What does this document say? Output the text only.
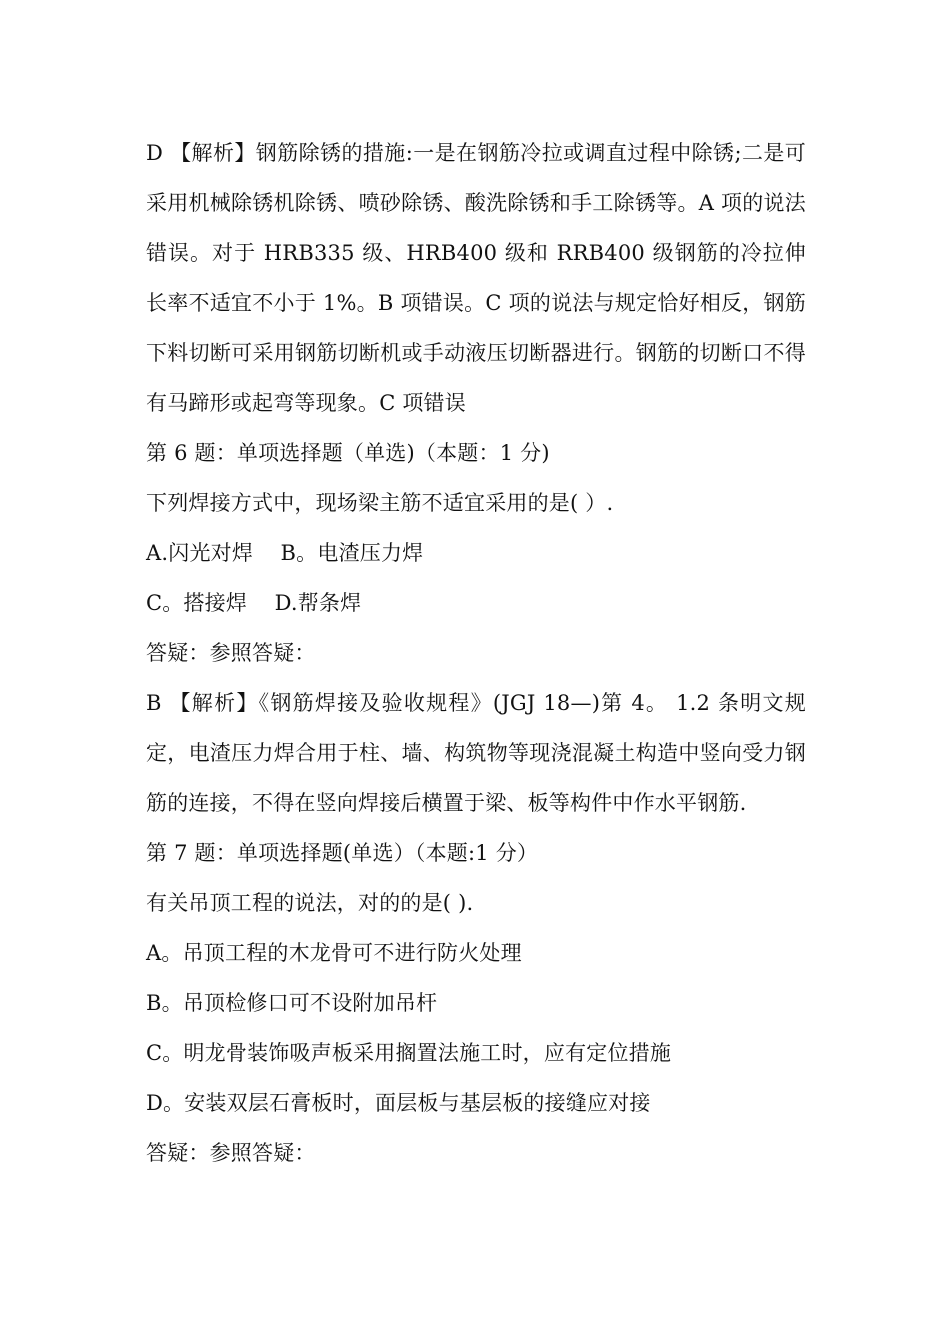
D 【解析】钢筋除锈的措施:一是在钢筋冷拉或调直过程中除锈;二是可采用机械除锈机除锈、喷砂除锈、酸洗除锈和手工除锈等。A 项的说法错误。对于 HRB335 级、HRB400 级和 RRB400 级钢筋的冷拉伸长率不适宜不小于 1%。B 项错误。C 项的说法与规定恰好相反，钢筋下料切断可采用钢筋切断机或手动液压切断器进行。钢筋的切断口不得有马蹄形或起弯等现象。C 项错误

第 6 题：单项选择题（单选)（本题：1 分)

下列焊接方式中，现场梁主筋不适宜采用的是( ）.

A.闪光对焊    B。电渣压力焊

C。搭接焊    D.帮条焊

答疑：参照答疑：

B 【解析】《钢筋焊接及验收规程》(JGJ 18—)第 4。 1.2 条明文规定，电渣压力焊合用于柱、墙、构筑物等现浇混凝土构造中竖向受力钢筋的连接，不得在竖向焊接后横置于梁、板等构件中作水平钢筋.

第 7 题：单项选择题(单选）（本题:1 分）

有关吊顶工程的说法，对的的是( ).

A。吊顶工程的木龙骨可不进行防火处理

B。吊顶检修口可不设附加吊杆

C。明龙骨装饰吸声板采用搁置法施工时，应有定位措施

D。安装双层石膏板时，面层板与基层板的接缝应对接

答疑：参照答疑：
